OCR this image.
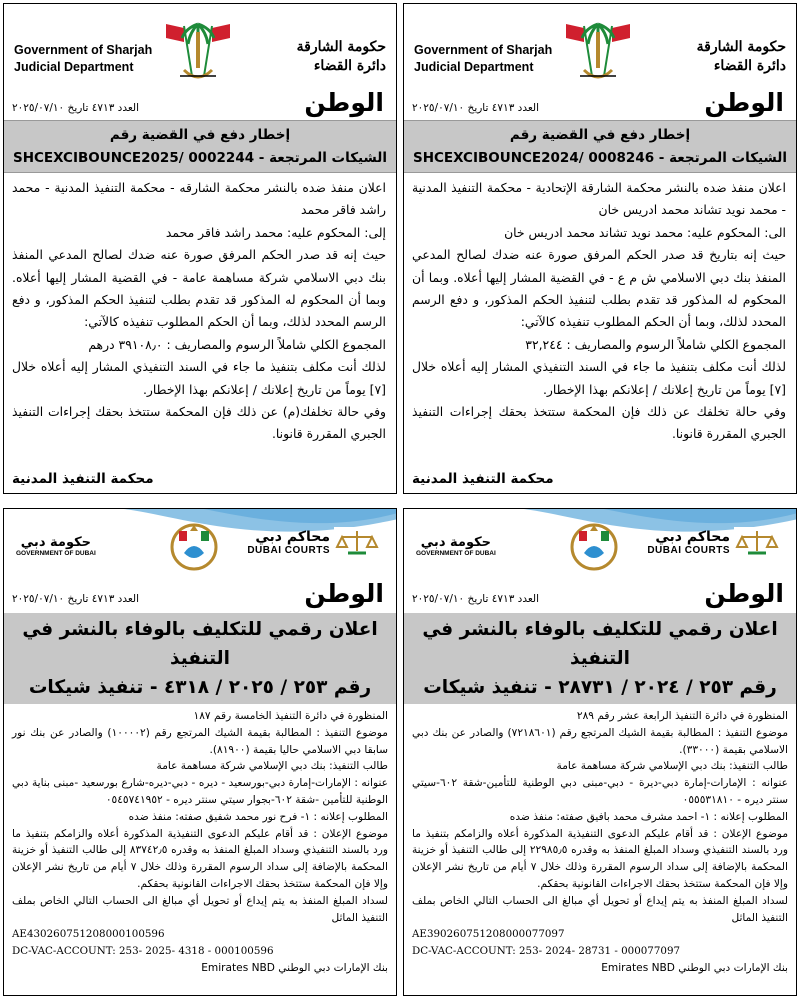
Government of Sharjah
Judicial Department
حكومة الشارقة
دائرة القضاء
الوطن
العدد ٤٧١٣ تاريخ ٢٠٢٥/٠٧/١٠
إخطار دفع في القضية رقم
SHCEXCIBOUNCE2024/ 0008246 - الشيكات المرتجعة

اعلان منفذ ضده بالنشر محكمة الشارقة الإتحادية - محكمة التنفيذ المدنية - محمد نويد تشاند محمد ادريس خان

الى: المحكوم عليه: محمد نويد تشاند محمد ادريس خان

حيث إنه بتاريخ قد صدر الحكم المرفق صورة عنه ضدك لصالح المدعي المنفذ بنك دبي الاسلامي ش م ع - في القضية المشار إليها أعلاه. وبما أن المحكوم له المذكور قد تقدم بطلب لتنفيذ الحكم المذكور، و دفع الرسم المحدد لذلك، وبما أن الحكم المطلوب تنفيذه كالآتي:

المجموع الكلي شاملاً الرسوم والمصاريف : ٣٢,٢٤٤

لذلك أنت مكلف بتنفيذ ما جاء في السند التنفيذي المشار إليه أعلاه خلال [٧] يوماً من تاريخ إعلانك / إعلانكم بهذا الإخطار.

وفي حالة تخلفك عن ذلك فإن المحكمة ستتخذ بحقك إجراءات التنفيذ الجبري المقررة قانونا.

محكمة التنفيذ المدنية
Government of Sharjah
Judicial Department
حكومة الشارقة
دائرة القضاء
الوطن
العدد ٤٧١٣ تاريخ ٢٠٢٥/٠٧/١٠
إخطار دفع في القضية رقم
SHCEXCIBOUNCE2025/ 0002244 - الشيكات المرتجعة

اعلان منفذ ضده بالنشر محكمة الشارقه - محكمة التنفيذ المدنية - محمد راشد فاقر محمد

إلى: المحكوم عليه: محمد راشد فاقر محمد

حيث إنه قد صدر الحكم المرفق صورة عنه ضدك لصالح المدعي المنفذ بنك دبي الاسلامي شركة مساهمة عامة - في القضية المشار إليها أعلاه. وبما أن المحكوم له المذكور قد تقدم بطلب لتنفيذ الحكم المذكور، و دفع الرسم المحدد لذلك، وبما أن الحكم المطلوب تنفيذه كالآتي:

المجموع الكلي شاملاً الرسوم والمصاريف : ٣٩١٠٨٫٠ درهم

لذلك أنت مكلف بتنفيذ ما جاء في السند التنفيذي المشار إليه أعلاه خلال [٧] يوماً من تاريخ إعلانك / إعلانكم بهذا الإخطار.

وفي حالة تخلفك(م) عن ذلك فإن المحكمة ستتخذ بحقك إجراءات التنفيذ الجبري المقررة قانونا.

محكمة التنفيذ المدنية
محاكم دبي
DUBAI COURTS
حكومة دبي
GOVERNMENT OF DUBAI
الوطن
العدد ٤٧١٣ تاريخ ٢٠٢٥/٠٧/١٠
اعلان رقمي للتكليف بالوفاء بالنشر في التنفيذ
رقم ٢٥٣ / ٢٠٢٤ / ٢٨٧٣١ - تنفيذ شيكات

المنظورة في دائرة التنفيذ الرابعة عشر رقم ٢٨٩

موضوع التنفيذ : المطالبة بقيمة الشيك المرتجع رقم (٧٢١٨٦٠١) والصادر عن بنك دبي الاسلامي بقيمة (٣٣٠٠٠).

طالب التنفيذ: بنك دبي الإسلامي شركة مساهمة عامة

عنوانه : الإمارات-إمارة دبي-ديرة - دبي-مبنى دبي الوطنية للتأمين-شقة ٦٠٢-سيتي سنتر ديره - ٠٥٥٥٣١٨١٠

المطلوب إعلانه : ١- احمد مشرف محمد بافيق صفته: منفذ ضده

موضوع الإعلان : قد أقام عليكم الدعوى التنفيذية المذكورة أعلاه والزامكم بتنفيذ ما ورد بالسند التنفيذي وسداد المبلغ المنفذ به وقدره ٢٢٩٨٥٫٥ إلى طالب التنفيذ أو خزينة المحكمة بالإضافة إلى سداد الرسوم المقررة وذلك خلال ٧ أيام من تاريخ نشر الإعلان وإلا فإن المحكمة ستتخذ بحقك الاجراءات القانونية بحقكم.

لسداد المبلغ المنفذ به يتم إيداع أو تحويل أي مبالغ الى الحساب التالي الخاص بملف التنفيذ الماثل

AE390260751208000077097

DC-VAC-ACCOUNT: 253- 2024- 28731 - 000077097

بنك الإمارات دبي الوطني Emirates NBD

محاكم دبي
DUBAI COURTS
حكومة دبي
GOVERNMENT OF DUBAI
الوطن
العدد ٤٧١٣ تاريخ ٢٠٢٥/٠٧/١٠
اعلان رقمي للتكليف بالوفاء بالنشر في التنفيذ
رقم ٢٥٣ / ٢٠٢٥ / ٤٣١٨ - تنفيذ شيكات

المنظورة في دائرة التنفيذ الخامسة رقم ١٨٧

موضوع التنفيذ : المطالبة بقيمة الشيك المرتجع رقم (١٠٠٠٠٢) والصادر عن بنك نور سابقا دبي الاسلامي حاليا بقيمة (٨١٩٠٠).

طالب التنفيذ: بنك دبي الإسلامي شركة مساهمة عامة

عنوانه : الإمارات-إمارة دبي-بورسعيد - ديره - دبي-ديره-شارع بورسعيد -مبنى بناية دبي الوطنية للتأمين -شقة ٦٠٢-بجوار سيتي سنتر ديره - ٠٥٤٥٧٤١٩٥٢

المطلوب إعلانه : ١- فرح نور محمد شفيق صفته: منفذ ضده

موضوع الإعلان : قد أقام عليكم الدعوى التنفيذية المذكورة أعلاه والزامكم بتنفيذ ما ورد بالسند التنفيذي وسداد المبلغ المنفذ به وقدره ٨٣٧٤٢٫٥ إلى طالب التنفيذ أو خزينة المحكمة بالإضافة إلى سداد الرسوم المقررة وذلك خلال ٧ أيام من تاريخ نشر الإعلان وإلا فإن المحكمة ستتخذ بحقك الاجراءات القانونية بحقكم.

لسداد المبلغ المنفذ به يتم إيداع أو تحويل أي مبالغ الى الحساب التالي الخاص بملف التنفيذ الماثل

AE430260751208000100596

DC-VAC-ACCOUNT: 253- 2025- 4318 - 000100596

بنك الإمارات دبي الوطني Emirates NBD
